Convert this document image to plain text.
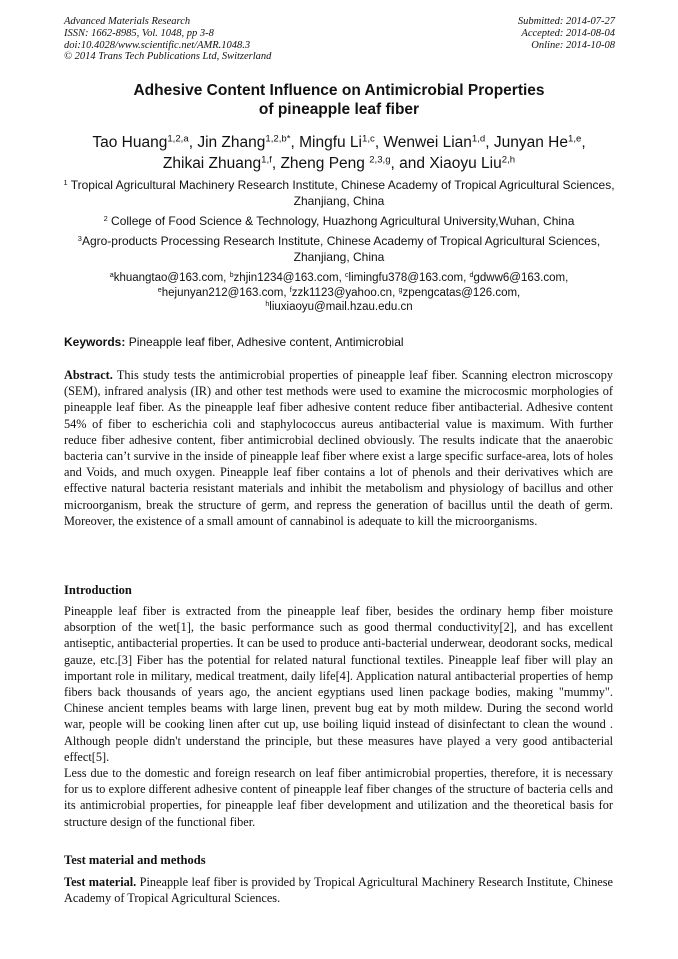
Advanced Materials Research
ISSN: 1662-8985, Vol. 1048, pp 3-8
doi:10.4028/www.scientific.net/AMR.1048.3
© 2014 Trans Tech Publications Ltd, Switzerland
Submitted: 2014-07-27
Accepted: 2014-08-04
Online: 2014-10-08
Adhesive Content Influence on Antimicrobial Properties
of pineapple leaf fiber
Tao Huang$^{1,2,a}$, Jin Zhang$^{1,2,b*}$, Mingfu Li$^{1,c}$, Wenwei Lian$^{1,d}$, Junyan He$^{1,e}$,
Zhikai Zhuang$^{1,f}$, Zheng Peng $^{2,3,g}$, and Xiaoyu Liu$^{2,h}$
$^1$ Tropical Agricultural Machinery Research Institute, Chinese Academy of Tropical Agricultural Sciences, Zhanjiang, China
$^2$ College of Food Science & Technology, Huazhong Agricultural University,Wuhan, China
$^3$Agro-products Processing Research Institute, Chinese Academy of Tropical Agricultural Sciences, Zhanjiang, China
$^a$khuangtao@163.com, $^b$zhjin1234@163.com, $^c$limingfu378@163.com, $^d$gdww6@163.com,
$^e$hejunyan212@163.com, $^f$zzk1123@yahoo.cn, $^g$zpengcatas@126.com,
$^h$liuxiaoyu@mail.hzau.edu.cn
Keywords: Pineapple leaf fiber, Adhesive content, Antimicrobial

Abstract. This study tests the antimicrobial properties of pineapple leaf fiber. Scanning electron microscopy (SEM), infrared analysis (IR) and other test methods were used to examine the microcosmic morphologies of pineapple leaf fiber. As the pineapple leaf fiber adhesive content reduce fiber antibacterial. Adhesive content 54% of fiber to escherichia coli and staphylococcus aureus antibacterial value is maximum. With further reduce fiber adhesive content, fiber antimicrobial declined obviously. The results indicate that the anaerobic bacteria can’t survive in the inside of pineapple leaf fiber where exist a large specific surface-area, lots of holes and Voids, and much oxygen. Pineapple leaf fiber contains a lot of phenols and their derivatives which are effective natural bacteria resistant materials and inhibit the metabolism and physiology of bacillus and other microorganism, break the structure of germ, and repress the generation of bacillus until the death of germ. Moreover, the existence of a small amount of cannabinol is adequate to kill the microorganisms.

Introduction

Pineapple leaf fiber is extracted from the pineapple leaf fiber, besides the ordinary hemp fiber moisture absorption of the wet[1], the basic performance such as good thermal conductivity[2], and has excellent antiseptic, antibacterial properties. It can be used to produce anti-bacterial underwear, deodorant socks, medical gauze, etc.[3] Fiber has the potential for related natural functional textiles. Pineapple leaf fiber will play an important role in military, medical treatment, daily life[4]. Application natural antibacterial properties of hemp fibers back thousands of years ago, the ancient egyptians used linen package bodies, making "mummy". Chinese ancient temples beams with large linen, prevent bug eat by moth mildew. During the second world war, people will be cooking linen after cut up, use boiling liquid instead of disinfectant to clean the wound . Although people didn't understand the principle, but these measures have played a very good antibacterial effect[5].

Less due to the domestic and foreign research on leaf fiber antimicrobial properties, therefore, it is necessary for us to explore different adhesive content of pineapple leaf fiber changes of the structure of bacteria cells and its antimicrobial properties, for pineapple leaf fiber development and utilization and the theoretical basis for structure design of the functional fiber.

Test material and methods

Test material. Pineapple leaf fiber is provided by Tropical Agricultural Machinery Research Institute, Chinese Academy of Tropical Agricultural Sciences.
